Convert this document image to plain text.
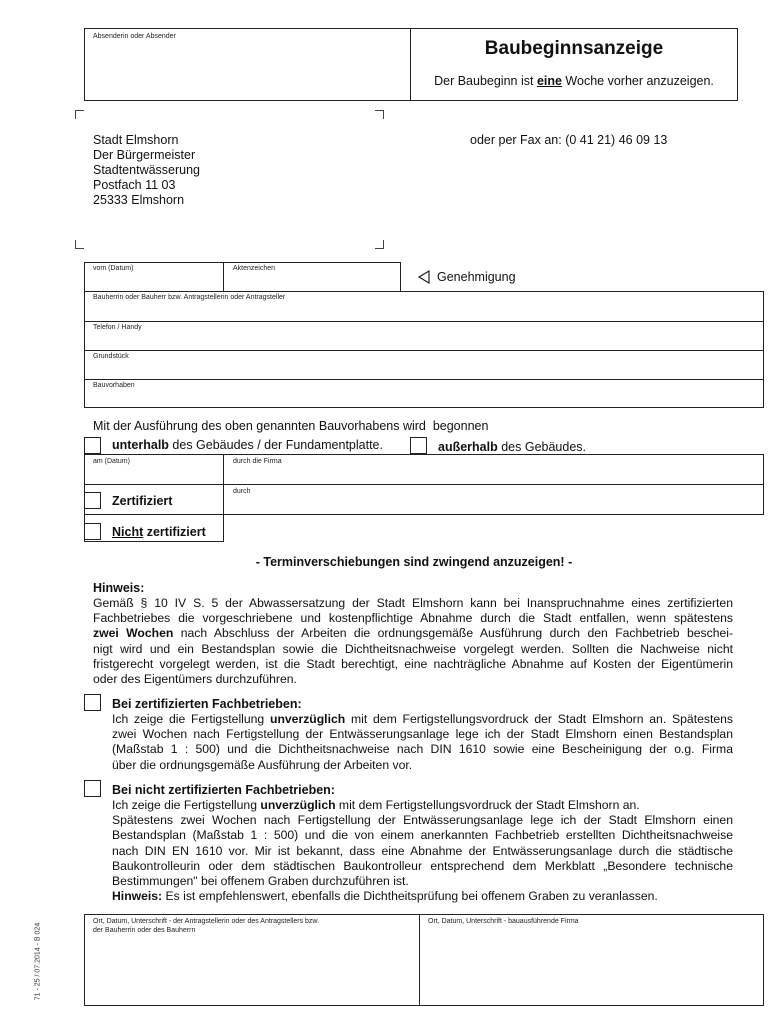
Absenderin oder Absender
Baubeginnsanzeige
Der Baubeginn ist eine Woche vorher anzuzeigen.
Stadt Elmshorn
Der Bürgermeister
Stadtentwässerung
Postfach 11 03
25333 Elmshorn
oder per Fax an: (0 41 21) 46 09 13
vom (Datum)	Aktenzeichen
Genehmigung
Bauherrin oder Bauherr bzw. Antragstellerin oder Antragsteller
Telefon / Handy
Grundstück
Bauvorhaben
Mit der Ausführung des oben genannten Bauvorhabens wird  begonnen
unterhalb des Gebäudes / der Fundamentplatte.	außerhalb des Gebäudes.
am (Datum)	durch die Firma
durch
Zertifiziert
Nicht zertifiziert
- Terminverschiebungen sind zwingend anzuzeigen! -
Hinweis:

Gemäß § 10 IV S. 5 der Abwassersatzung der Stadt Elmshorn kann bei Inanspruchnahme eines zertifizierten

Fachbetriebes die vorgeschriebene und kostenpflichtige Abnahme durch die Stadt entfallen, wenn spätestens

zwei Wochen nach Abschluss der Arbeiten die ordnungsgemäße Ausführung durch den Fachbetrieb beschei-

nigt wird und ein Bestandsplan sowie die Dichtheitsnachweise vorgelegt werden. Sollten die Nachweise nicht

fristgerecht vorgelegt werden, ist die Stadt berechtigt, eine nachträgliche Abnahme auf Kosten der Eigentümerin

oder des Eigentümers durchzuführen.

Bei zertifizierten Fachbetrieben:

Ich zeige die Fertigstellung unverzüglich mit dem Fertigstellungsvordruck der Stadt Elmshorn an. Spätestens

zwei Wochen nach Fertigstellung der Entwässerungsanlage lege ich der Stadt Elmshorn einen Bestandsplan

(Maßstab 1 : 500) und die Dichtheitsnachweise nach DIN 1610 sowie eine Bescheinigung der o.g. Firma

über die ordnungsgemäße Ausführung der Arbeiten vor.

Bei nicht zertifizierten Fachbetrieben:

Ich zeige die Fertigstellung unverzüglich mit dem Fertigstellungsvordruck der Stadt Elmshorn an.

Spätestens zwei Wochen nach Fertigstellung der Entwässerungsanlage lege ich der Stadt Elmshorn einen

Bestandsplan (Maßstab 1 : 500) und die von einem anerkannten Fachbetrieb erstellten Dichtheitsnachweise

nach DIN EN 1610 vor. Mir ist bekannt, dass eine Abnahme der Entwässerungsanlage durch die städtische

Baukontrolleurin oder dem städtischen Baukontrolleur entsprechend dem Merkblatt „Besondere technische

Bestimmungen" bei offenem Graben durchzuführen ist.

Hinweis: Es ist empfehlenswert, ebenfalls die Dichtheitsprüfung bei offenem Graben zu veranlassen.

Ort, Datum, Unterschrift - der Antragstellerin oder des Antragstellers bzw.
der Bauherrin oder des Bauherrn
Ort, Datum, Unterschrift - bauausführende Firma
71 - 25 / 07.2014 - B 024
